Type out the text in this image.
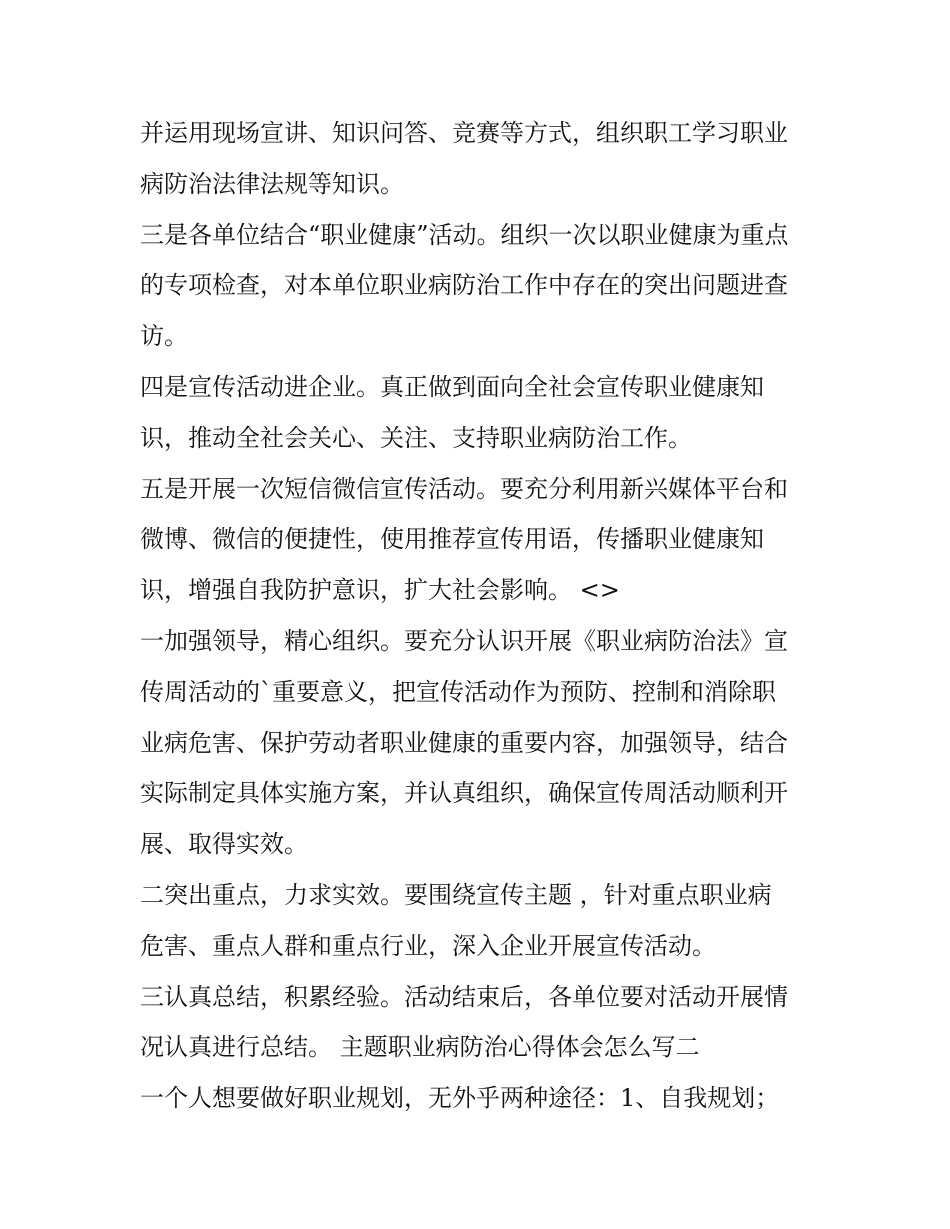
并运用现场宣讲、知识问答、竞赛等方式，组织职工学习职业
病防治法律法规等知识。
三是各单位结合“职业健康”活动。组织一次以职业健康为重点
的专项检查，对本单位职业病防治工作中存在的突出问题进查
访。
四是宣传活动进企业。真正做到面向全社会宣传职业健康知
识，推动全社会关心、关注、支持职业病防治工作。
五是开展一次短信微信宣传活动。要充分利用新兴媒体平台和
微博、微信的便捷性，使用推荐宣传用语，传播职业健康知
识，增强自我防护意识，扩大社会影响。 <>
一加强领导，精心组织。要充分认识开展《职业病防治法》宣
传周活动的`重要意义，把宣传活动作为预防、控制和消除职
业病危害、保护劳动者职业健康的重要内容，加强领导，结合
实际制定具体实施方案，并认真组织，确保宣传周活动顺利开
展、取得实效。
二突出重点，力求实效。要围绕宣传主题 ，针对重点职业病
危害、重点人群和重点行业，深入企业开展宣传活动。
三认真总结，积累经验。活动结束后，各单位要对活动开展情
况认真进行总结。 主题职业病防治心得体会怎么写二
一个人想要做好职业规划，无外乎两种途径：1、自我规划；
